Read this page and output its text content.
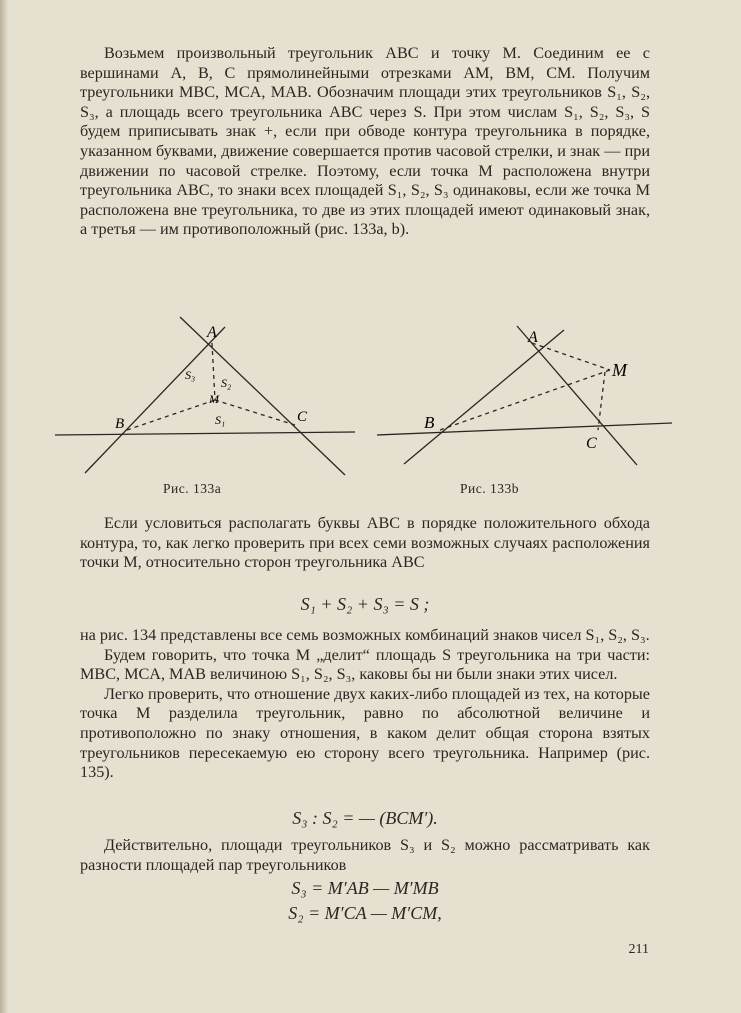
Возьмем произвольный треугольник ABC и точку M. Соединим ее с вершинами A, B, C прямолинейными отрезками AM, BM, CM. Получим треугольники MBC, MCA, MAB. Обозначим площади этих треугольников S₁, S₂, S₃, а площадь всего треугольника ABC через S. При этом числам S₁, S₂, S₃, S будем приписывать знак +, если при обводе контура треугольника в порядке, указанном буквами, движение совершается против часовой стрелки, и знак — при движении по часовой стрелке. Поэтому, если точка M расположена внутри треугольника ABC, то знаки всех площадей S₁, S₂, S₃ одинаковы, если же точка M расположена вне треугольника, то две из этих площадей имеют одинаковый знак, а третья — им противоположный (рис. 133a, b).

A
B	C
M
S₁
S₂
S₃
Рис. 133a
A
B
C
M
Рис. 133b

Если условиться располагать буквы ABC в порядке положительного обхода контура, то, как легко проверить при всех семи возможных случаях расположения точки M, относительно сторон треугольника ABC

S₁ + S₂ + S₃ = S ;

на рис. 134 представлены все семь возможных комбинаций знаков чисел S₁, S₂, S₃.

Будем говорить, что точка M „делит“ площадь S треугольника на три части: MBC, MCA, MAB величиною S₁, S₂, S₃, каковы бы ни были знаки этих чисел.

Легко проверить, что отношение двух каких-либо площадей из тех, на которые точка M разделила треугольник, равно по абсолютной величине и противоположно по знаку отношения, в каком делит общая сторона взятых треугольников пересекаемую ею сторону всего треугольника. Например (рис. 135).

S₃ : S₂ = — (BCM′).

Действительно, площади треугольников S₃ и S₂ можно рассматривать как разности площадей пар треугольников

S₃ = M′AB — M′MB
S₂ = M′CA — M′CM,
211
